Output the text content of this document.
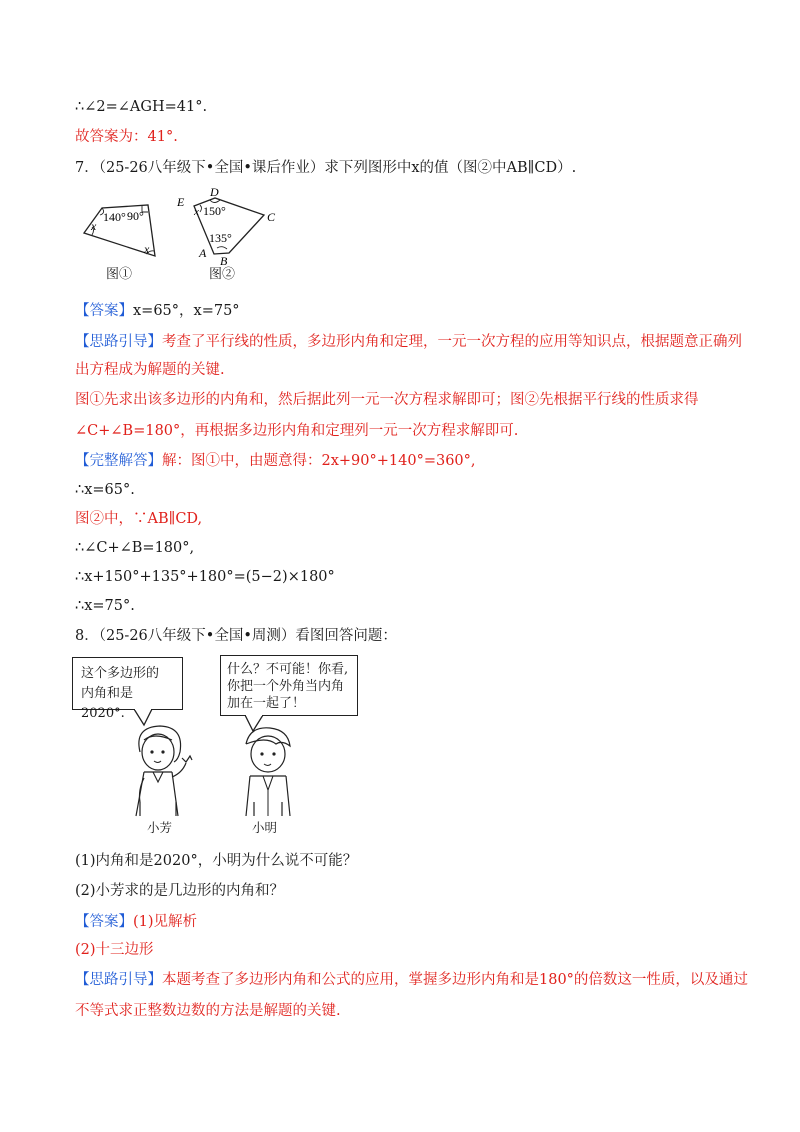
∴∠2=∠AGH=41°.
故答案为：41°.
7．（25-26八年级下•全国•课后作业）求下列图形中x的值（图②中AB∥CD）.
x
140° 90°
x
图①
D
E
C
A
B
x 150°
135°
图②
【答案】x=65°，x=75°
【思路引导】考查了平行线的性质，多边形内角和定理，一元一次方程的应用等知识点，根据题意正确列
出方程成为解题的关键.
图①先求出该多边形的内角和，然后据此列一元一次方程求解即可；图②先根据平行线的性质求得
∠C+∠B=180°，再根据多边形内角和定理列一元一次方程求解即可.
【完整解答】解：图①中，由题意得：2x+90°+140°=360°,
∴x=65°.
图②中，∵AB∥CD,
∴∠C+∠B=180°,
∴x+150°+135°+180°=(5−2)×180°
∴x=75°.
8．（25-26八年级下•全国•周测）看图回答问题：
这个多边形的
内角和是2020°.
什么？不可能！你看,
你把一个外角当内角
加在一起了！
小芳	小明
(1)内角和是2020°，小明为什么说不可能？
(2)小芳求的是几边形的内角和？
【答案】(1)见解析
(2)十三边形
【思路引导】本题考查了多边形内角和公式的应用，掌握多边形内角和是180°的倍数这一性质，以及通过
不等式求正整数边数的方法是解题的关键.
